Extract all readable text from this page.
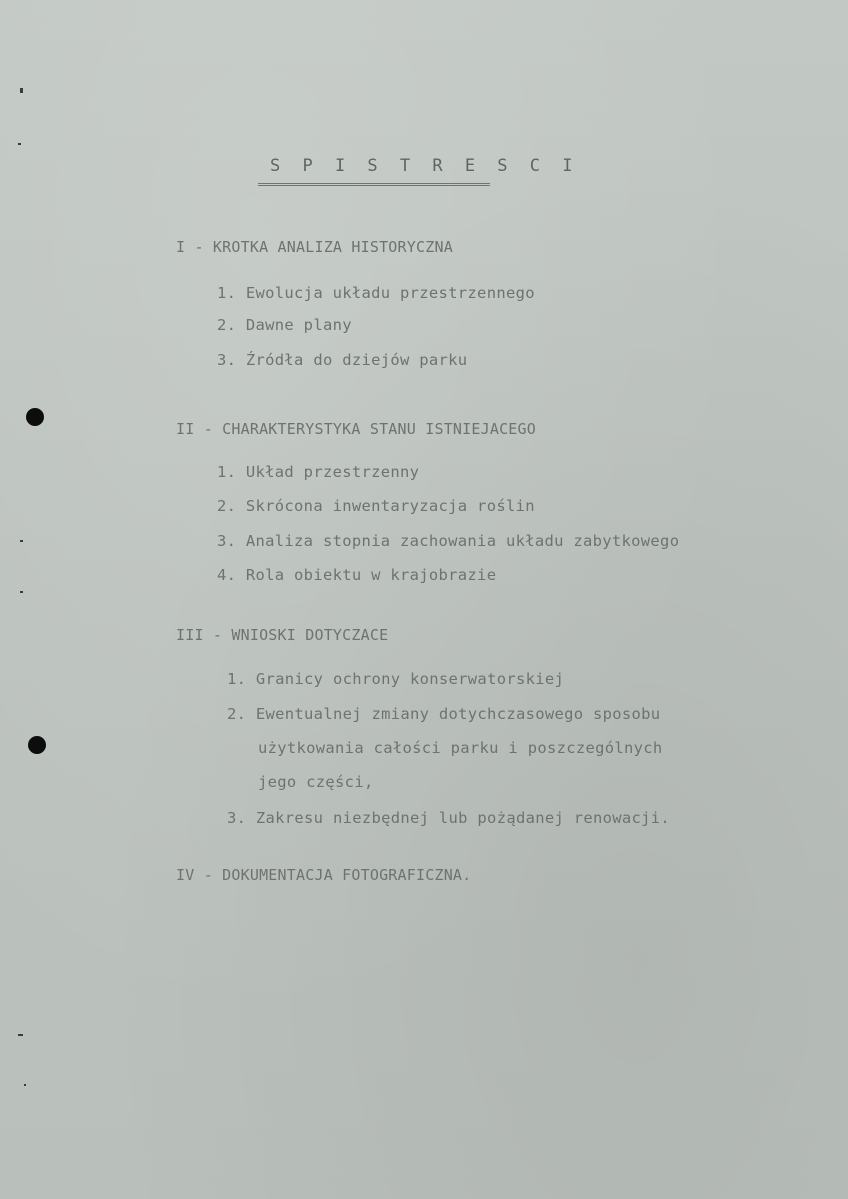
S P I S T R E S C I
I - KROTKA ANALIZA HISTORYCZNA
1. Ewolucja układu przestrzennego
2. Dawne plany
3. Źródła do dziejów parku
II - CHARAKTERYSTYKA STANU ISTNIEJACEGO
1. Układ przestrzenny
2. Skrócona inwentaryzacja roślin
3. Analiza stopnia zachowania układu zabytkowego
4. Rola obiektu w krajobrazie
III - WNIOSKI DOTYCZACE
1. Granicy ochrony konserwatorskiej
2. Ewentualnej zmiany dotychczasowego sposobu
użytkowania całości parku i poszczególnych
jego części,
3. Zakresu niezbędnej lub pożądanej renowacji.
IV - DOKUMENTACJA FOTOGRAFICZNA.
